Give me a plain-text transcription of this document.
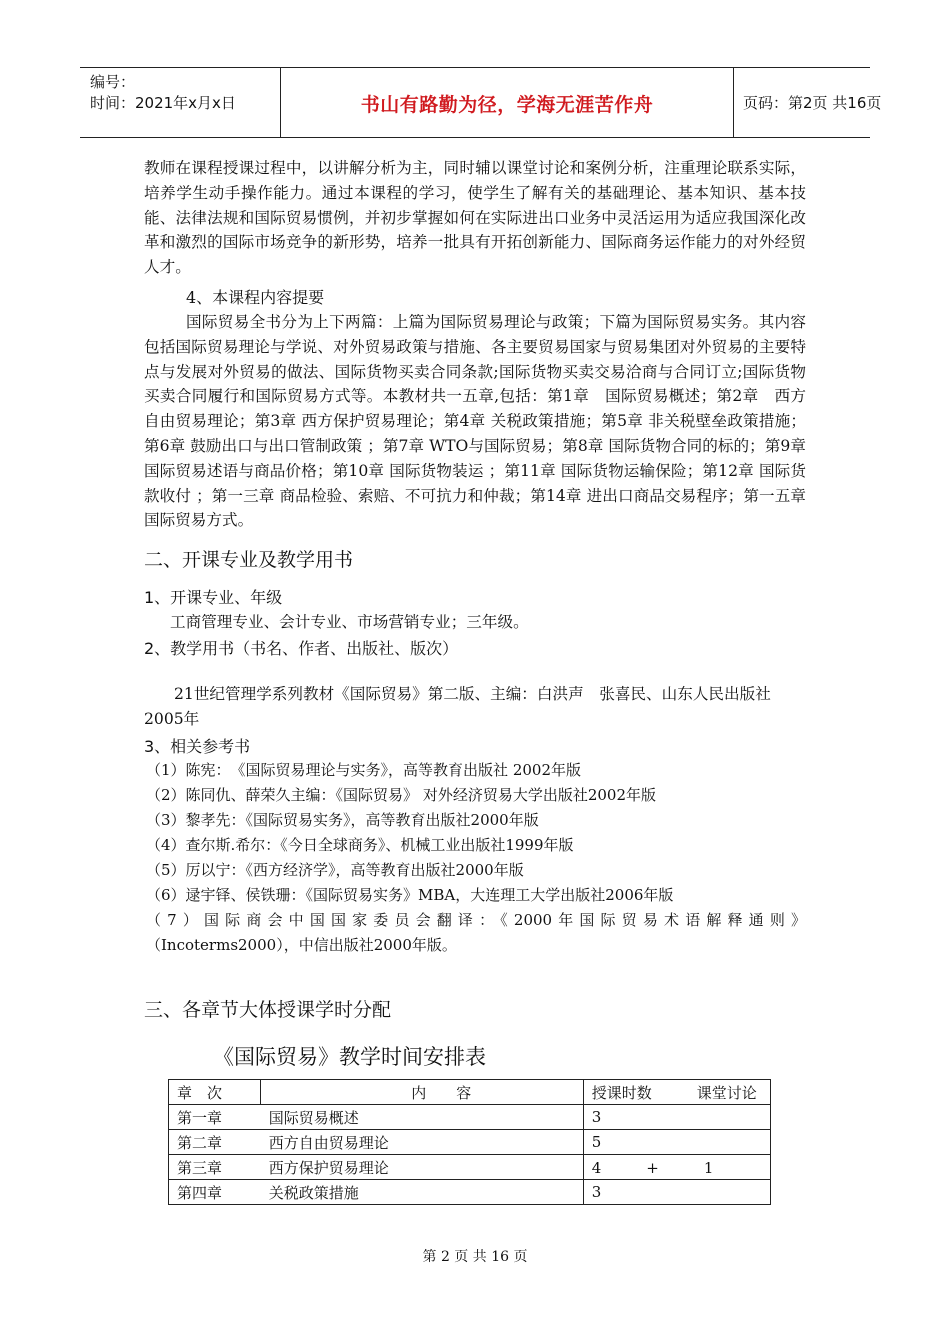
编号：
时间：2021年x月x日	书山有路勤为径，学海无涯苦作舟	页码：第2页 共16页
教师在课程授课过程中，以讲解分析为主，同时辅以课堂讨论和案例分析，注重理论联系实际，培养学生动手操作能力。通过本课程的学习，使学生了解有关的基础理论、基本知识、基本技能、法律法规和国际贸易惯例，并初步掌握如何在实际进出口业务中灵活运用为适应我国深化改革和激烈的国际市场竞争的新形势，培养一批具有开拓创新能力、国际商务运作能力的对外经贸人才。
4、本课程内容提要
国际贸易全书分为上下两篇：上篇为国际贸易理论与政策；下篇为国际贸易实务。其内容包括国际贸易理论与学说、对外贸易政策与措施、各主要贸易国家与贸易集团对外贸易的主要特点与发展对外贸易的做法、国际货物买卖合同条款;国际货物买卖交易洽商与合同订立;国际货物买卖合同履行和国际贸易方式等。本教材共一五章,包括：第1章　国际贸易概述；第2章　西方自由贸易理论；第3章 西方保护贸易理论；第4章 关税政策措施；第5章 非关税壁垒政策措施；第6章 鼓励出口与出口管制政策 ；第7章 WTO与国际贸易；第8章 国际货物合同的标的；第9章 国际贸易述语与商品价格；第10章 国际货物装运 ；第11章 国际货物运输保险；第12章 国际货款收付 ；第一三章 商品检验、索赔、不可抗力和仲裁；第14章 进出口商品交易程序；第一五章 国际贸易方式。
二、开课专业及教学用书
1、开课专业、年级
工商管理专业、会计专业、市场营销专业；三年级。
2、教学用书（书名、作者、出版社、版次）
21世纪管理学系列教材《国际贸易》第二版、主编：白洪声　张喜民、山东人民出版社2005年
3、相关参考书
（1）陈宪：　《国际贸易理论与实务》，高等教育出版社 2002年版
（2）陈同仇、薛荣久主编：《国际贸易》 对外经济贸易大学出版社2002年版
（3）黎孝先：《国际贸易实务》，高等教育出版社2000年版
（4）查尔斯.希尔：《今日全球商务》、机械工业出版社1999年版
（5）厉以宁：《西方经济学》，高等教育出版社2000年版
（6）逯宇铎、侯铁珊：《国际贸易实务》MBA，大连理工大学出版社2006年版
（7）国际商会中国国家委员会翻译：《2000年国际贸易术语解释通则》
（Incoterms2000），中信出版社2000年版。
三、各章节大体授课学时分配
《国际贸易》教学时间安排表
章　次	内　　容	授课时数　　　课堂讨论
第一章	国际贸易概述	3
第二章	西方自由贸易理论	5
第三章	西方保护贸易理论	4　　　+　　　1
第四章	关税政策措施	3
第 2 页 共 16 页
